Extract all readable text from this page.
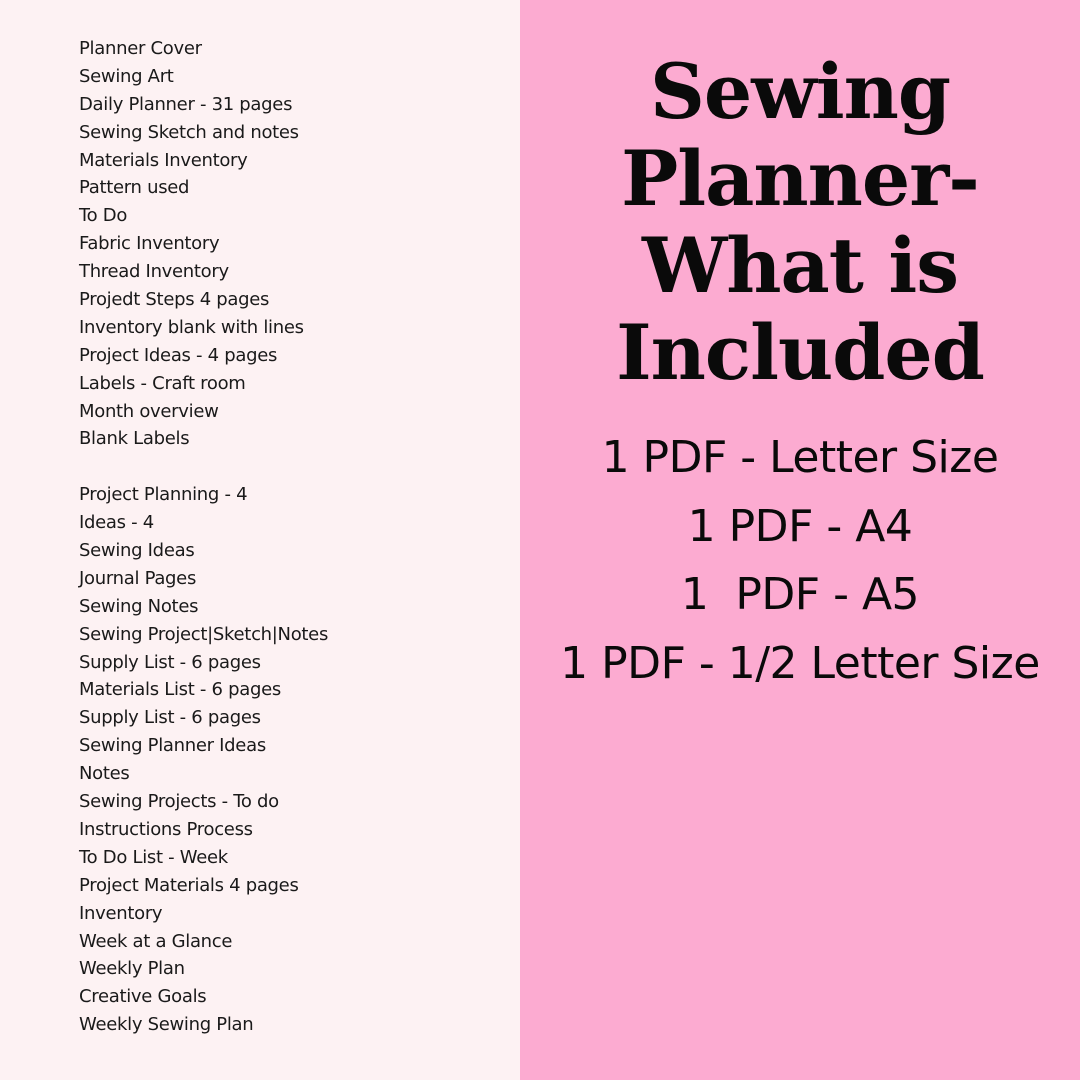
Planner Cover
Sewing Art
Daily Planner - 31 pages
Sewing Sketch and notes
Materials Inventory
Pattern used
To Do
Fabric Inventory
Thread Inventory
Projedt Steps 4 pages
Inventory blank with lines
Project Ideas - 4 pages
Labels - Craft room
Month overview
Blank Labels
Project Planning - 4
Ideas - 4
Sewing Ideas
Journal Pages
Sewing Notes
Sewing Project|Sketch|Notes
Supply List - 6 pages
Materials List - 6 pages
Supply List - 6 pages
Sewing Planner Ideas
Notes
Sewing Projects - To do
Instructions Process
To Do List - Week
Project Materials 4 pages
Inventory
Week at a Glance
Weekly Plan
Creative Goals
Weekly Sewing Plan
Sewing
Planner-
What is
Included
1 PDF - Letter Size
1 PDF - A4
1  PDF - A5
1 PDF - 1/2 Letter Size
